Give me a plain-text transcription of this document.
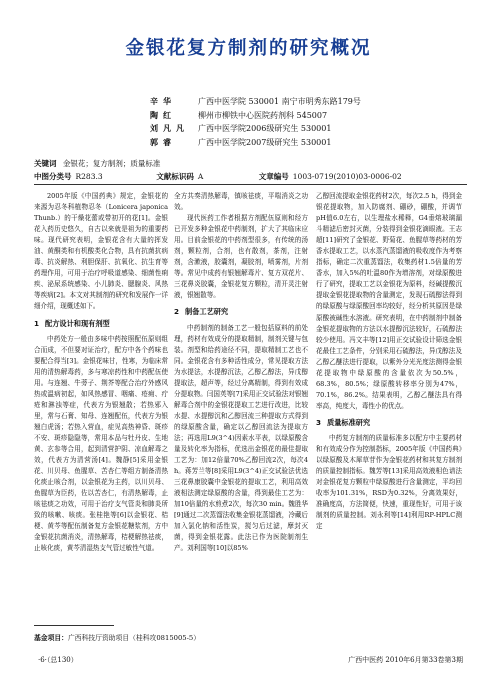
金银花复方制剂的研究概况
辛华	广西中医学院 530001 南宁市明秀东路179号
陶红	柳州市柳铁中心医院药剂科 545007
刘凡凡	广西中医学院2006级研究生 530001
郭睿	广西中医学院2007级研究生 530001
关键词 金银花；复方制剂；质量标准
中图分类号 R283.3	文献标识码 A	文章编号 1003-0719(2010)03-0006-02

2005年版《中国药典》规定，金银花的来源为忍冬科植物忍冬（Lonicera japonica Thunb.）的干燥花蕾或带初开的花[1]。金银花入药历史悠久，自古以来就是祖为的重要药味。现代研究表明，金银花含有大量的挥发油、黄酮类和有机酸类化合物，具有抗菌抗病毒、抗炎解热、利胆保肝、抗氧化、抗生育等药理作用，可用于治疗呼吸道感染、细菌性痢疾、泌尿系统感染、小儿肺炎、腮腺炎、风热等疾病[2]。本文对其制剂的研究和发展作一详细介绍，现概述如下。

1 配方设计和现有剂型

中药处方一般由多味中药按照配伍原则组合而成，不但要对证治疗，配方中各个药味也要配合得当[3]。金银花味甘，性寒，为临床常用的清热解毒药，多与寒凉药性和中药配伍使用。与连翘、牛蒡子、荆芥等配合治疗外感风热或温病初起，如风热感冒、咽痛、疮痈、疔疮和淋浊等症，代表方为银翘散；若热邪入里，常与石膏、知母、连翘配伍，代表方为银翘白虎汤；若热入营血，症见高热神昏、斑疹不安、斑疹隐隐等，常用本品与牡丹皮、生地黄、玄参等合用，起到清营护阴、凉血解毒之效，代表方为清营汤[4]。魏静[5]采用金银花、川贝母、鱼腥草、苦杏仁等组方制备清热化痰止咳合剂，以金银花为主药，以川贝母、鱼腥草为臣药，佐以苦杏仁，有清热解毒，止咳祛痰之功效，可用于治疗支气管炎和肺炎所致的咳嗽、咳痰。张桂艳等[6]以金银花、桔梗、黄芩等配伍制备复方金银花糖浆剂，方中金银花抗菌消炎，清热解毒，桔梗解热祛痰，止咳化痰，黄芩清湿热支气管过敏性气道。

全方共奏清热解毒，镇咳祛痰，平喘消炎之功效。

现代医药工作者根据方剂配伍原则和经方已开发多种金银花中药制剂，扩大了其临床应用。目前金银花的中药剂型很多，有传统的汤剂，颗粒剂，合剂，也有散剂，茶剂，注射剂，含漱液，胶囊剂，凝胶剂，喷雾剂，片剂等。常见中成药有银翘解毒片、复方双花片、三花鼻炎胶囊，金银花复方颗粒，清开灵注射液，银翘散等。

2 制备工艺研究

中药制剂的制备工艺一般包括原料的前处理，药材有效成分的提取精制，制剂关键与包装。剂型和给药途径不同，提取精制工艺也不同。金银花含有多种活性成分，常见提取方法为水提法，水提醇沉法，乙醇乙醇法，异戊醇提取法，超声等，经过分离精制，得到有效成分提取物。闫国英等[7]采用正交试验法对银翘解毒合剂中的金银花提取工艺进行改进，比较水提、水提醇沉和乙醇回流三种提取方式得到的绿原酸含量，确定以乙醇回流法为提取方法；再选用L9(3^4)因素水平表，以绿原酸含量及转化率为指标，优选出金银花的最佳提取工艺为：加12倍量70%乙醇回流2次，每次4 h。蒋芳兰等[8]采用L9(3^4)正交试验法优选三花鼻康胶囊中金银花的提取工艺，利用高效液相法测定绿原酸的含量，得到最佳工艺为：加10倍量的水煎煮2次，每次30 min。魏胜华[9]通过二次蒸馏法收集金银花蒸馏液，冷藏后加入氯化钠和活性炭，搅匀后过滤，摩封灭菌，得到金银花露。此法已作为医院制剂生产。刘利国等[10]以85%

乙醇回流提取金银花药材2次，每次2.5 h，得到金银花提取物，加入防腐剂、硼砂，硼酸，并调节pH值6.0左右，以生理盐水稀释，G4垂熔玻璃漏斗精滤后密封灭菌，分装得到金银花滴眼液。王志超[11]研究了金银花、野菊花、鱼腥草等药材的芳香水提取工艺，以水蒸汽蒸馏液的吸收度作为考察指标，确定二次重蒸馏法，收集药材1.5倍量的芳香水，加入5%的吐温80作为增溶剂，对绿原酸进行了研究，提取工艺以金银花为原料，经碱提酸沉提取金银花提取物的含量测定，发现石硫醇法得到的绿原酸与绿原酸回率均较好，经分析其原因是绿原酸被碱性水溶液。研究表明，在中药制剂中制备金银花提取物的方法以水提醇沉法较好，石硫醇法较少使用。冯文丰等[12]用正交试验设计筛选金银花最佳工艺条件，分别采用石硫醇法，异戊醇法及乙醇乙醚法进行提取，以紫外分光光度法测得金银花提取物中绿原酸的含量依次为50.5%，68.3%，80.5%；绿原酸转移率分别为47%，70.1%，86.2%。结果表明，乙醇乙醚法具有得率高，纯度大，毒性小的优点。

3 质量标准研究

中药复方制剂的质量标准多以配方中主要药材和有效成分作为控制指标，2005年版《中国药典》以绿原酸及木犀草苷作为金银花药材和其复方制剂的质量控制指标。魏芳等[13]采用高效液相色谱法对金银花复方颗粒中绿原酸进行含量测定，平均回收率为101.31%，RSD为0.32%，分离效果好，准确度高，方法简便，快速，重现性好，可用于该制剂的质量控制。刘永利等[14]利用RP-HPLC测定

基金项目：广西科技厅资助项目（桂科攻0815005-5）
·6·（总130）	广西中医药 2010年6月第33卷第3期
